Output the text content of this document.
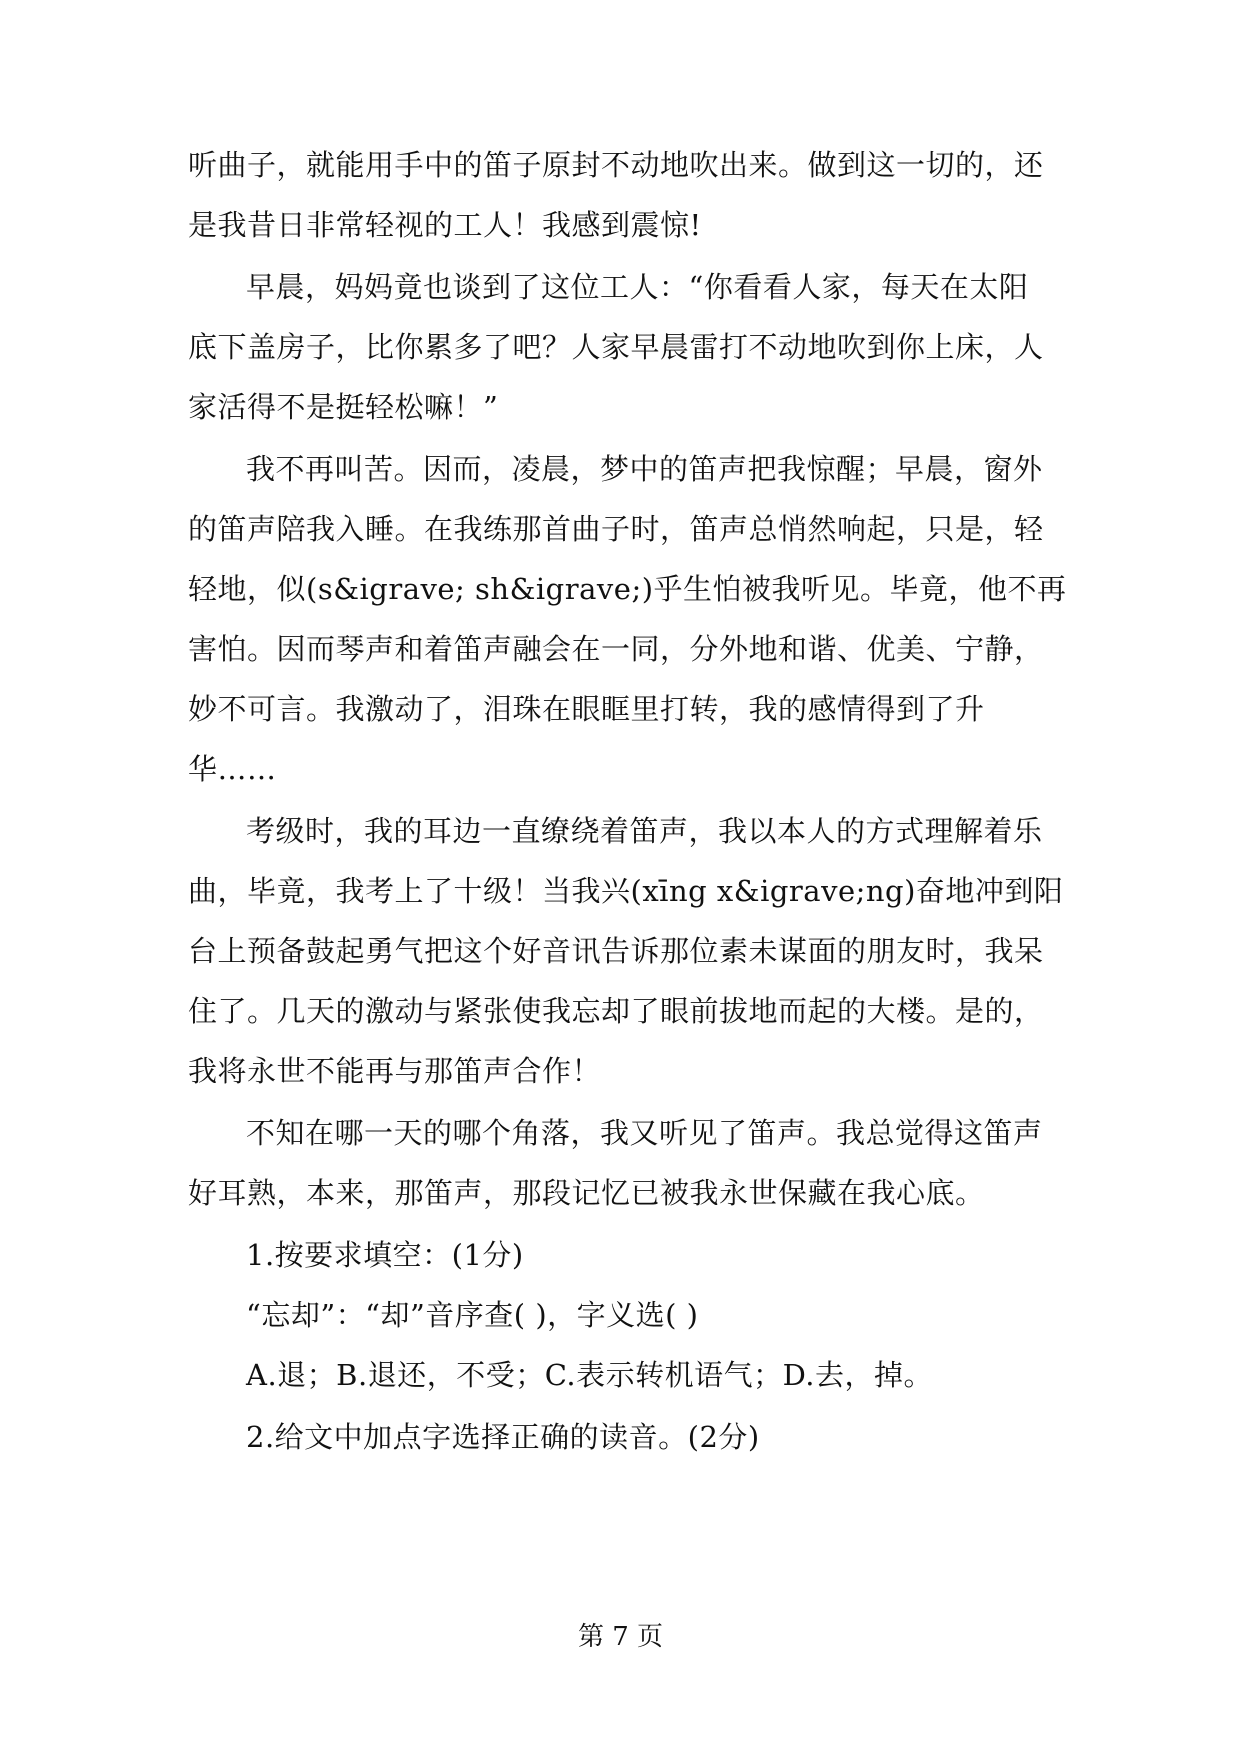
听曲子，就能用手中的笛子原封不动地吹出来。做到这一切的，还
是我昔日非常轻视的工人！我感到震惊!
早晨，妈妈竟也谈到了这位工人：“你看看人家，每天在太阳
底下盖房子，比你累多了吧？人家早晨雷打不动地吹到你上床，人
家活得不是挺轻松嘛！”
我不再叫苦。因而，凌晨，梦中的笛声把我惊醒；早晨，窗外
的笛声陪我入睡。在我练那首曲子时，笛声总悄然响起，只是，轻
轻地，似(s&igrave; sh&igrave;)乎生怕被我听见。毕竟，他不再
害怕。因而琴声和着笛声融会在一同，分外地和谐、优美、宁静，
妙不可言。我激动了，泪珠在眼眶里打转，我的感情得到了升
华……
考级时，我的耳边一直缭绕着笛声，我以本人的方式理解着乐
曲，毕竟，我考上了十级！当我兴(xīng x&igrave;ng)奋地冲到阳
台上预备鼓起勇气把这个好音讯告诉那位素未谋面的朋友时，我呆
住了。几天的激动与紧张使我忘却了眼前拔地而起的大楼。是的，
我将永世不能再与那笛声合作！
不知在哪一天的哪个角落，我又听见了笛声。我总觉得这笛声
好耳熟，本来，那笛声，那段记忆已被我永世保藏在我心底。
1.按要求填空：(1分)
“忘却”：“却”音序查( )，字义选( )
A.退；B.退还，不受；C.表示转机语气；D.去，掉。
2.给文中加点字选择正确的读音。(2分)
第 7 页
